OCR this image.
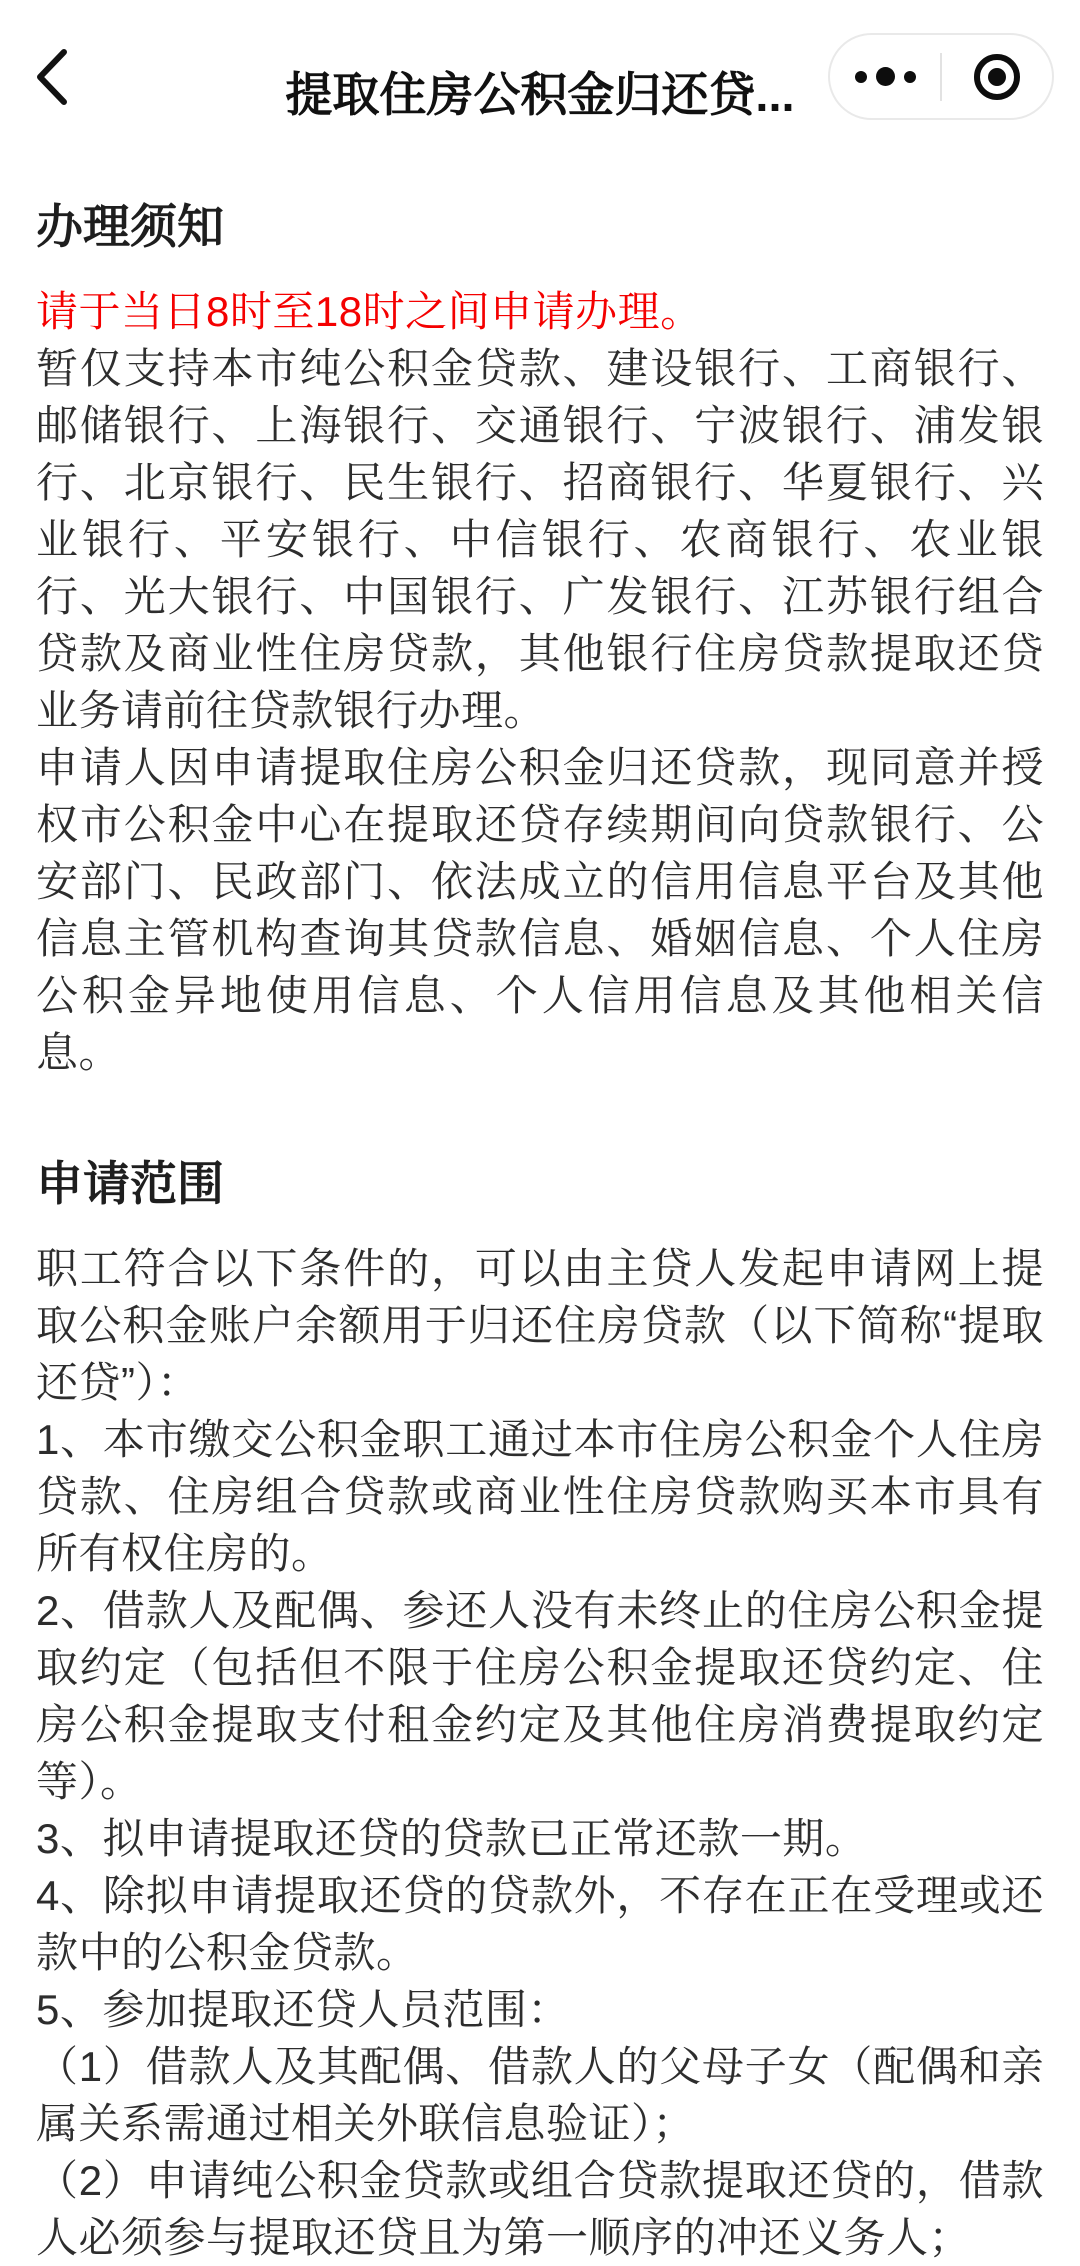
提取住房公积金归还贷...
办理须知

请于当日8时至18时之间申请办理。

暂仅支持本市纯公积金贷款、建设银行、工商银行、邮储银行、上海银行、交通银行、宁波银行、浦发银行、北京银行、民生银行、招商银行、华夏银行、兴业银行、平安银行、中信银行、农商银行、农业银行、光大银行、中国银行、广发银行、江苏银行组合贷款及商业性住房贷款，其他银行住房贷款提取还贷业务请前往贷款银行办理。

申请人因申请提取住房公积金归还贷款，现同意并授权市公积金中心在提取还贷存续期间向贷款银行、公安部门、民政部门、依法成立的信用信息平台及其他信息主管机构查询其贷款信息、婚姻信息、个人住房公积金异地使用信息、个人信用信息及其他相关信息。

申请范围

职工符合以下条件的，可以由主贷人发起申请网上提取公积金账户余额用于归还住房贷款（以下简称“提取还贷”）：

1、本市缴交公积金职工通过本市住房公积金个人住房贷款、住房组合贷款或商业性住房贷款购买本市具有所有权住房的。

2、借款人及配偶、参还人没有未终止的住房公积金提取约定（包括但不限于住房公积金提取还贷约定、住房公积金提取支付租金约定及其他住房消费提取约定等）。

3、拟申请提取还贷的贷款已正常还款一期。

4、除拟申请提取还贷的贷款外，不存在正在受理或还款中的公积金贷款。

5、参加提取还贷人员范围：

（1）借款人及其配偶、借款人的父母子女（配偶和亲属关系需通过相关外联信息验证）；

（2）申请纯公积金贷款或组合贷款提取还贷的，借款人必须参与提取还贷且为第一顺序的冲还义务人；
